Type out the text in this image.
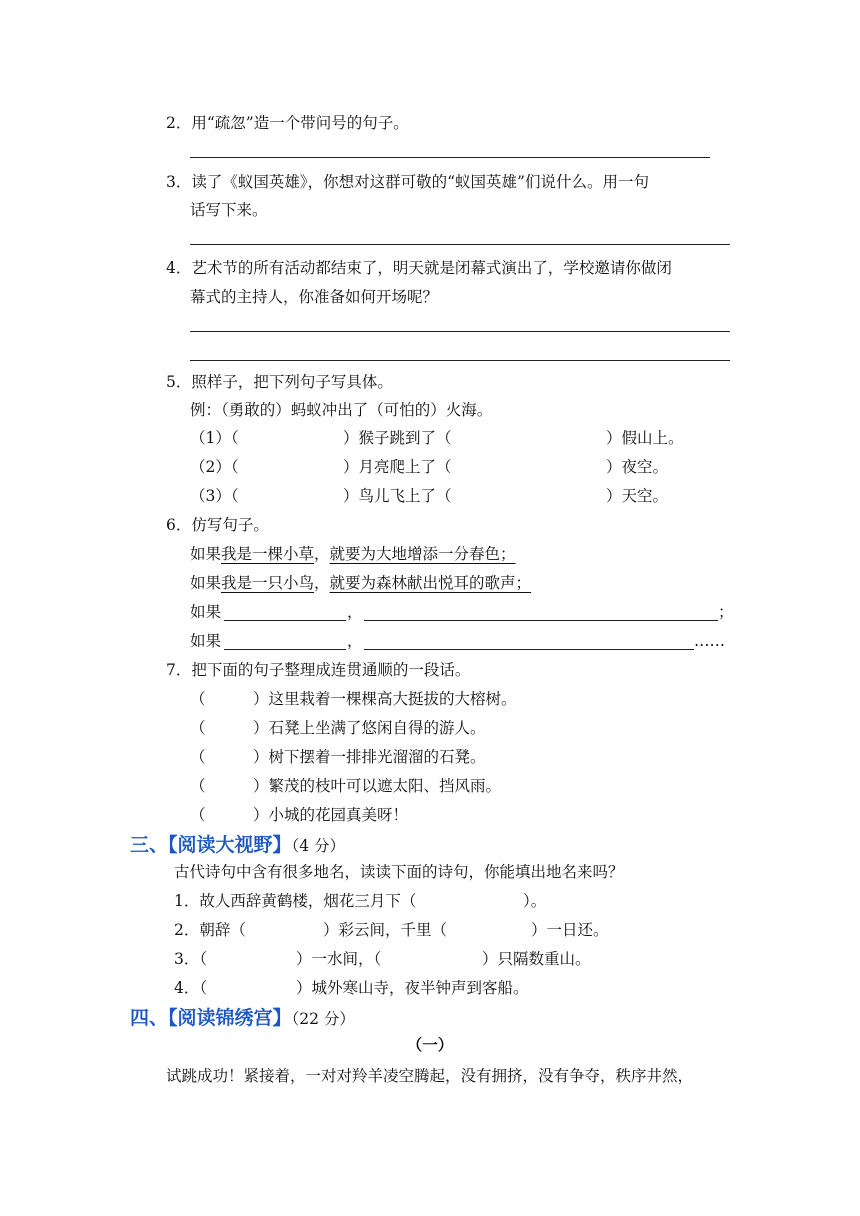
2．用“疏忽”造一个带问号的句子。
3．读了《蚁国英雄》，你想对这群可敬的“蚁国英雄”们说什么。用一句
话写下来。
4．艺术节的所有活动都结束了，明天就是闭幕式演出了，学校邀请你做闭
幕式的主持人，你准备如何开场呢？
5．照样子，把下列句子写具体。
例：（勇敢的）蚂蚁冲出了（可怕的）火海。
（1）（	）猴子跳到了（	）假山上。
（2）（	）月亮爬上了（	）夜空。
（3）（	）鸟儿飞上了（	）天空。
6．仿写句子。
如果我是一棵小草，就要为大地增添一分春色；
如果我是一只小鸟，就要为森林献出悦耳的歌声；
如果	，	；
如果	，	……
7．把下面的句子整理成连贯通顺的一段话。
（	）这里栽着一棵棵高大挺拔的大榕树。
（	）石凳上坐满了悠闲自得的游人。
（	）树下摆着一排排光溜溜的石凳。
（	）繁茂的枝叶可以遮太阳、挡风雨。
（	）小城的花园真美呀！
三、【阅读大视野】（4 分）
古代诗句中含有很多地名，读读下面的诗句，你能填出地名来吗？
1．故人西辞黄鹤楼，烟花三月下（	）。
2．朝辞（	）彩云间，千里（	）一日还。
3．（	）一水间，（	）只隔数重山。
4．（	）城外寒山寺，夜半钟声到客船。
四、【阅读锦绣宫】（22 分）
（一）
试跳成功！紧接着，一对对羚羊凌空腾起，没有拥挤，没有争夺，秩序井然，
